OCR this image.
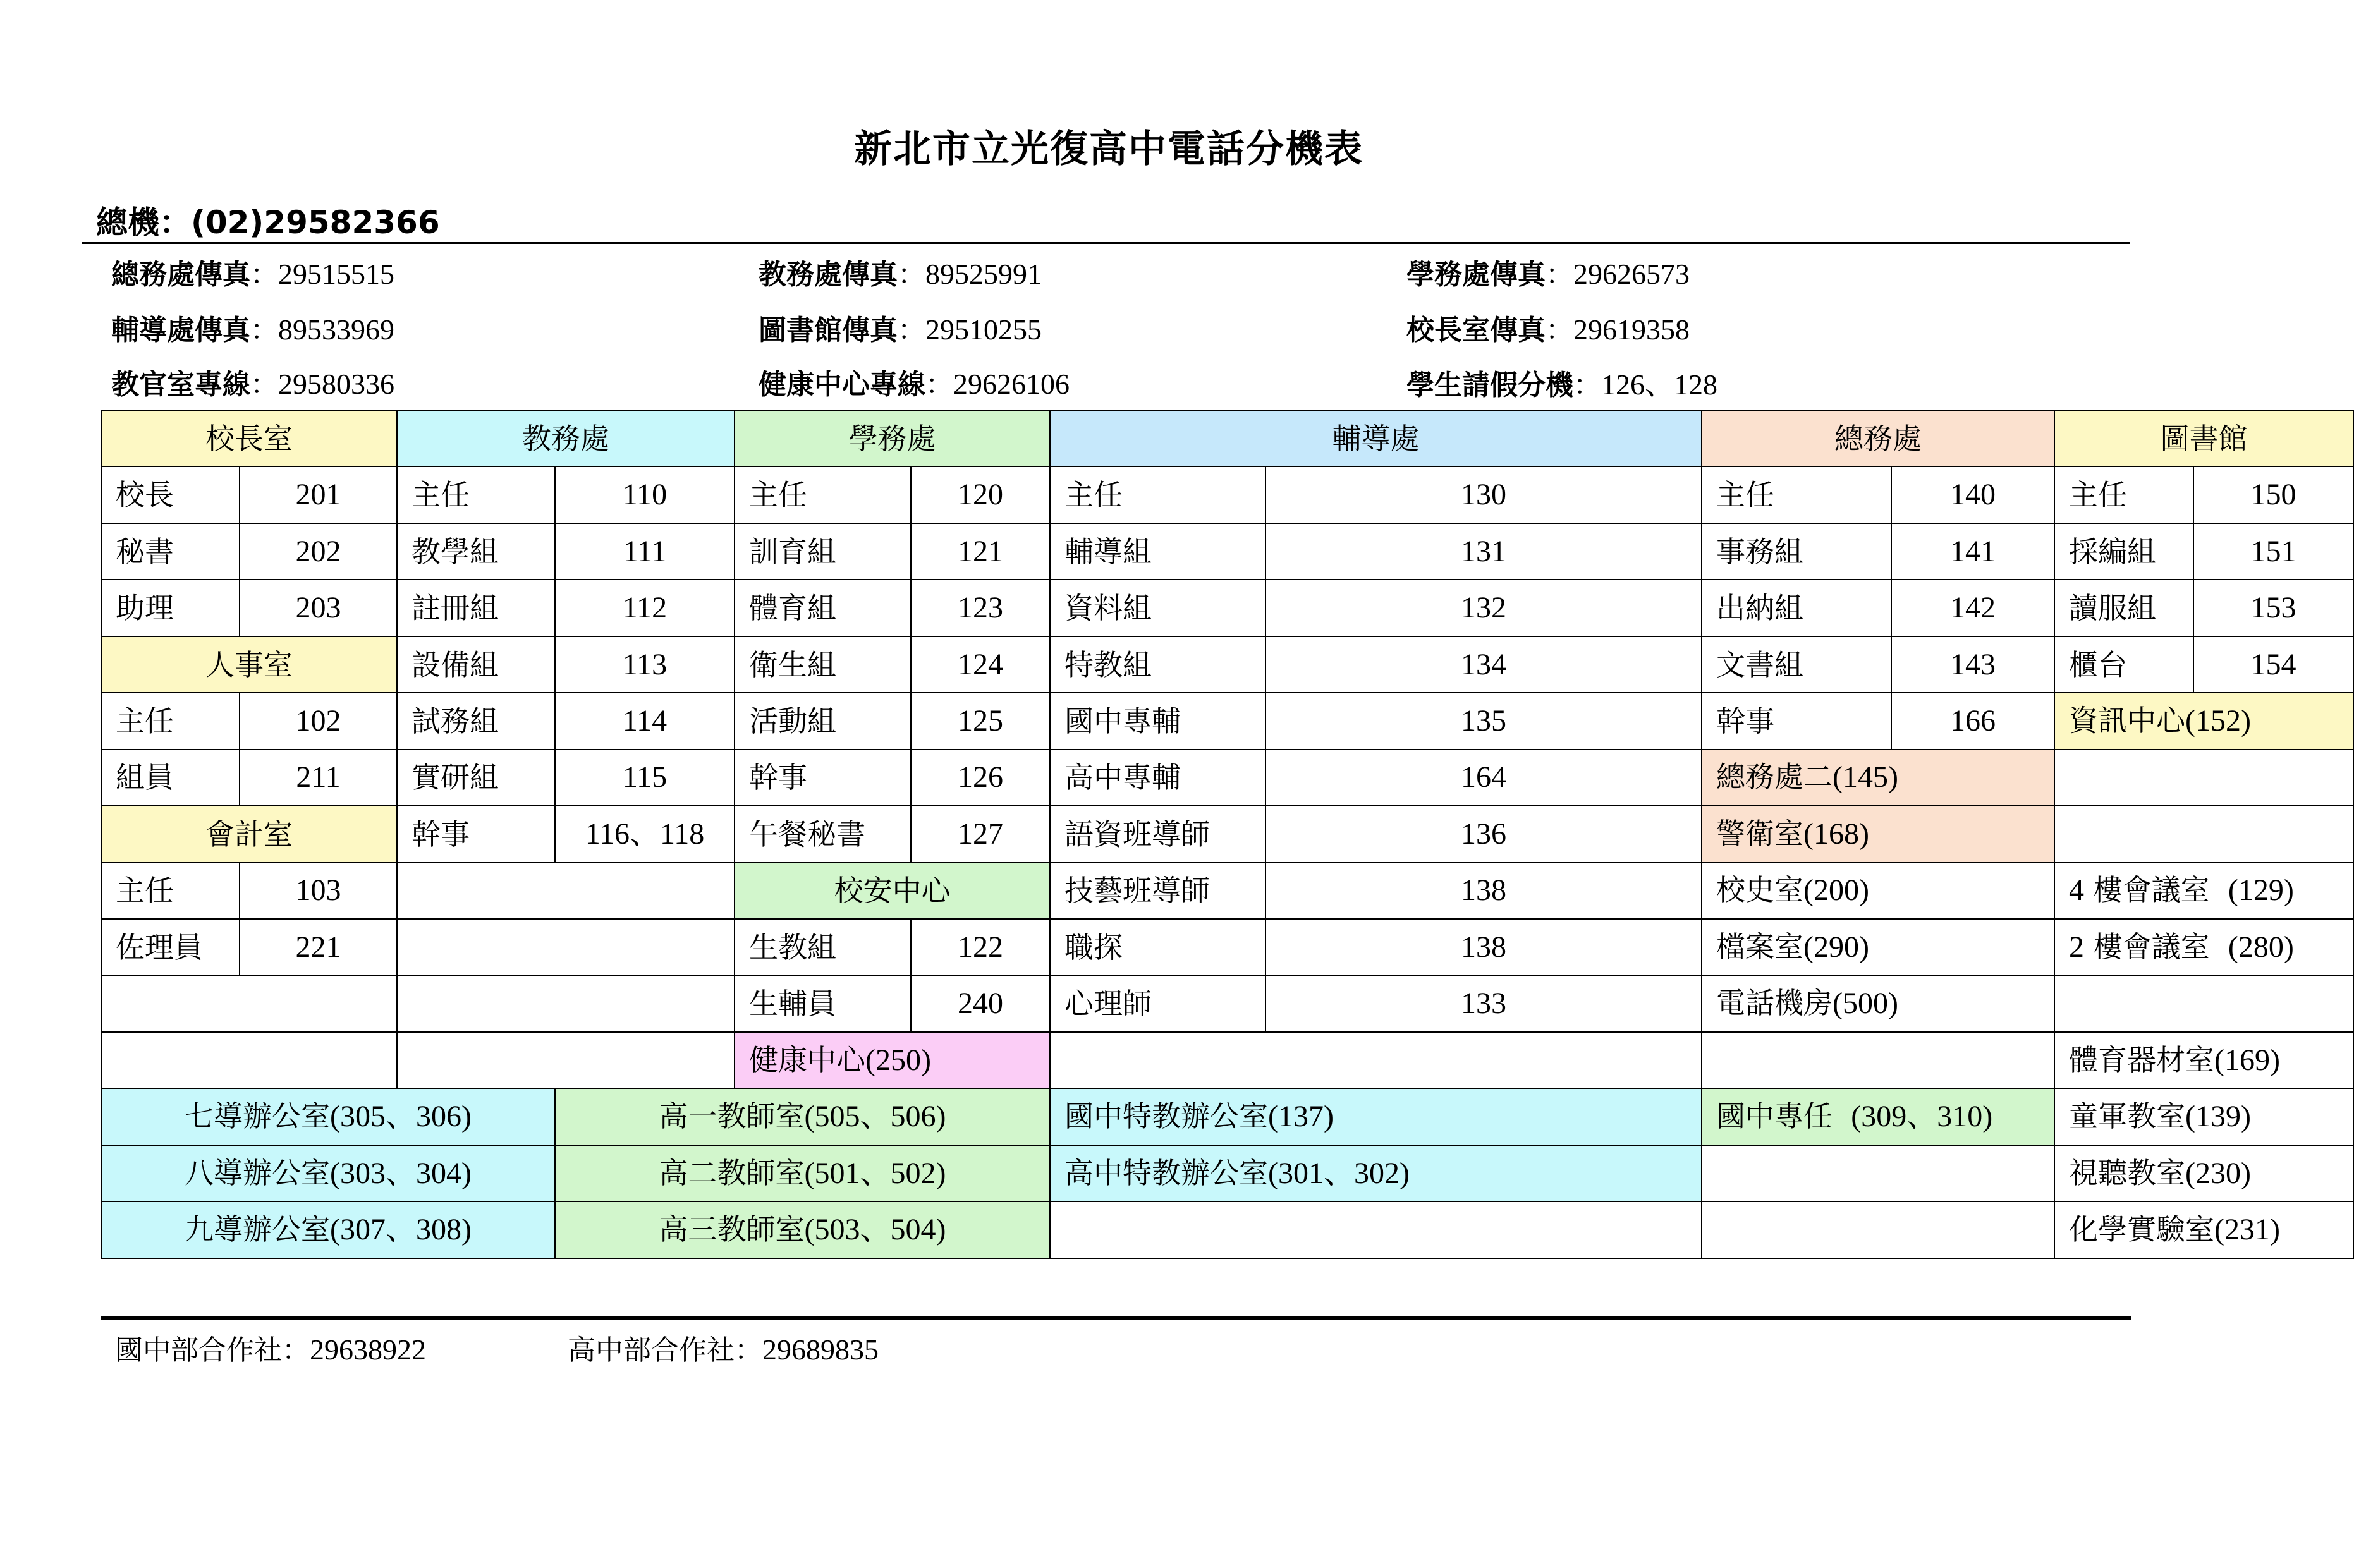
新北市立光復高中電話分機表
總機：(02)29582366
總務處傳真：29515515	教務處傳真：89525991	學務處傳真：29626573
輔導處傳真：89533969	圖書館傳真：29510255	校長室傳真：29619358
教官室專線：29580336	健康中心專線：29626106	學生請假分機：126、128
校長室		教務處		學務處		輔導處		總務處		圖書館	
校長	201	主任	110	主任	120	主任	130	主任	140	主任	150
秘書	202	教學組	111	訓育組	121	輔導組	131	事務組	141	採編組	151
助理	203	註冊組	112	體育組	123	資料組	132	出納組	142	讀服組	153
人事室		設備組	113	衛生組	124	特教組	134	文書組	143	櫃台	154
主任	102	試務組	114	活動組	125	國中專輔	135	幹事	166	資訊中心(152)	
組員	211	實研組	115	幹事	126	高中專輔	164	總務處二(145)			
會計室		幹事	116、118	午餐秘書	127	語資班導師	136	警衛室(168)			
主任	103			校安中心		技藝班導師	138	校史室(200)		4 樓會議室 (129)	
佐理員	221			生教組	122	職探	138	檔案室(290)		2 樓會議室 (280)	
				生輔員	240	心理師	133	電話機房(500)			
				健康中心(250)						體育器材室(169)	
七導辦公室(305、306)			高一教師室(505、506)			國中特教辦公室(137)		國中專任 (309、310)		童軍教室(139)	
八導辦公室(303、304)			高二教師室(501、502)			高中特教辦公室(301、302)				視聽教室(230)	
九導辦公室(307、308)			高三教師室(503、504)							化學實驗室(231)	
國中部合作社：29638922	高中部合作社：29689835
